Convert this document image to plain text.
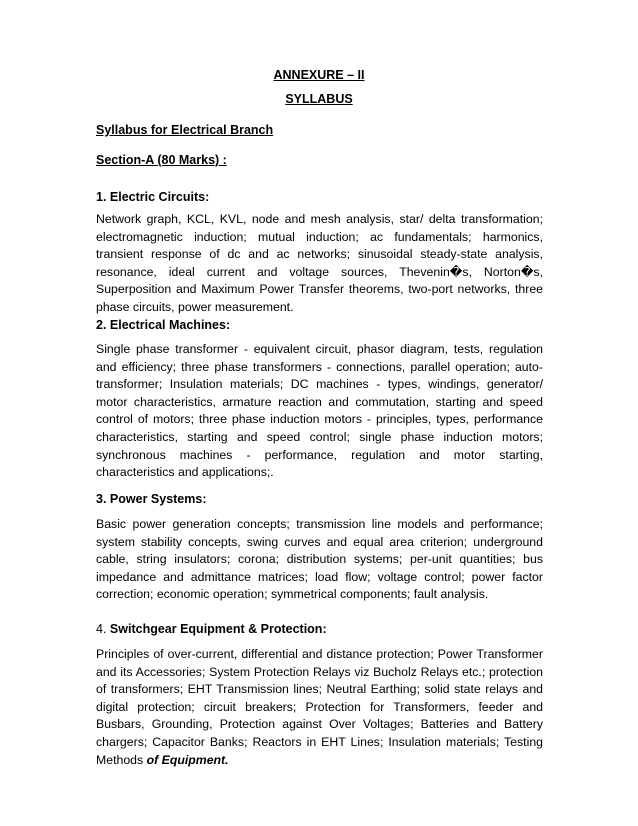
ANNEXURE – II
SYLLABUS
Syllabus for Electrical Branch
Section-A (80 Marks) :
1. Electric Circuits:
Network graph, KCL, KVL, node and mesh analysis, star/ delta transformation; electromagnetic induction; mutual induction; ac fundamentals; harmonics, transient response of dc and ac networks; sinusoidal steady-state analysis, resonance, ideal current and voltage sources, Thevenin�s, Norton�s, Superposition and Maximum Power Transfer theorems, two-port networks, three phase circuits, power measurement.
2. Electrical Machines:
Single phase transformer - equivalent circuit, phasor diagram, tests, regulation and efficiency; three phase transformers - connections, parallel operation; auto-transformer; Insulation materials; DC machines - types, windings, generator/ motor characteristics, armature reaction and commutation, starting and speed control of motors; three phase induction motors - principles, types, performance characteristics, starting and speed control; single phase induction motors; synchronous machines - performance, regulation and motor starting, characteristics and applications;.
3. Power Systems:
Basic power generation concepts; transmission line models and performance; system stability concepts, swing curves and equal area criterion; underground cable, string insulators; corona; distribution systems; per-unit quantities; bus impedance and admittance matrices; load flow; voltage control; power factor correction; economic operation; symmetrical components; fault analysis.
4. Switchgear Equipment & Protection:
Principles of over-current, differential and distance protection; Power Transformer and its Accessories; System Protection Relays viz Bucholz Relays etc.; protection of transformers; EHT Transmission lines; Neutral Earthing; solid state relays and digital protection; circuit breakers; Protection for Transformers, feeder and Busbars, Grounding, Protection against Over Voltages; Batteries and Battery chargers; Capacitor Banks; Reactors in EHT Lines; Insulation materials; Testing Methods of Equipment.
